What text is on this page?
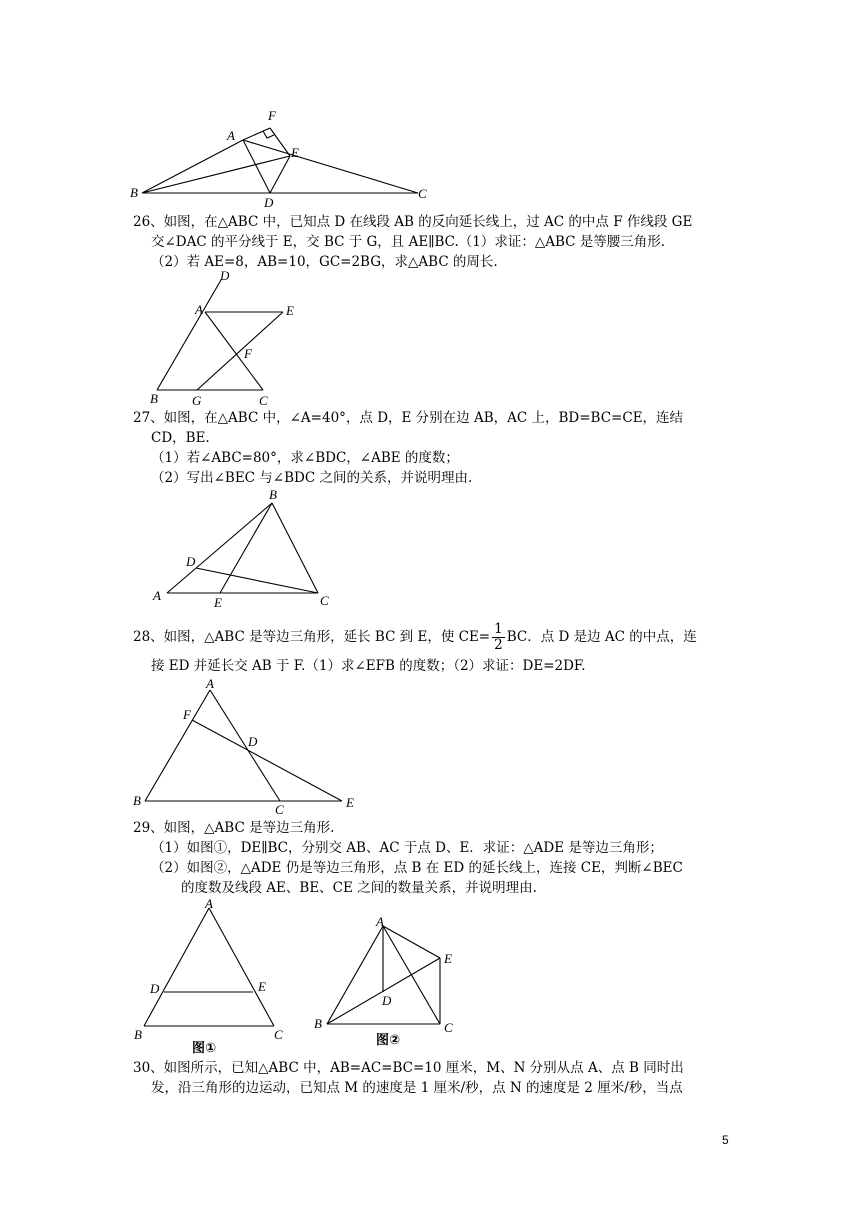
B
A
F
E
D
C
26、如图，在△ABC 中，已知点 D 在线段 AB 的反向延长线上，过 AC 的中点 F 作线段 GE
交∠DAC 的平分线于 E，交 BC 于 G，且 AE∥BC.（1）求证：△ABC 是等腰三角形.
（2）若 AE=8，AB=10，GC=2BG，求△ABC 的周长.
D
A	E
F
B	G	C
27、如图，在△ABC 中，∠A=40°，点 D，E 分别在边 AB，AC 上，BD=BC=CE，连结
CD，BE.
（1）若∠ABC=80°，求∠BDC，∠ABE 的度数；
（2）写出∠BEC 与∠BDC 之间的关系，并说明理由.
B
D
A	E	C
28、如图，△ABC 是等边三角形，延长 BC 到 E，使 $CE= \frac{1}{2}$ BC．点 D 是边 AC 的中点，连
接 ED 并延长交 AB 于 F.（1）求∠EFB 的度数；（2）求证：DE=2DF.
A
F
D
B
C	E
29、如图，△ABC 是等边三角形.
（1）如图①，DE∥BC，分别交 AB、AC 于点 D、E．求证：△ADE 是等边三角形；
（2）如图②，△ADE 仍是等边三角形，点 B 在 ED 的延长线上，连接 CE，判断∠BEC
的度数及线段 AE、BE、CE 之间的数量关系，并说明理由.
A
D	E
B	C
图①
A
E
D
B	C
图②
30、如图所示，已知△ABC 中，AB=AC=BC=10 厘米，M、N 分别从点 A、点 B 同时出
发，沿三角形的边运动，已知点 M 的速度是 1 厘米/秒，点 N 的速度是 2 厘米/秒，当点
5
